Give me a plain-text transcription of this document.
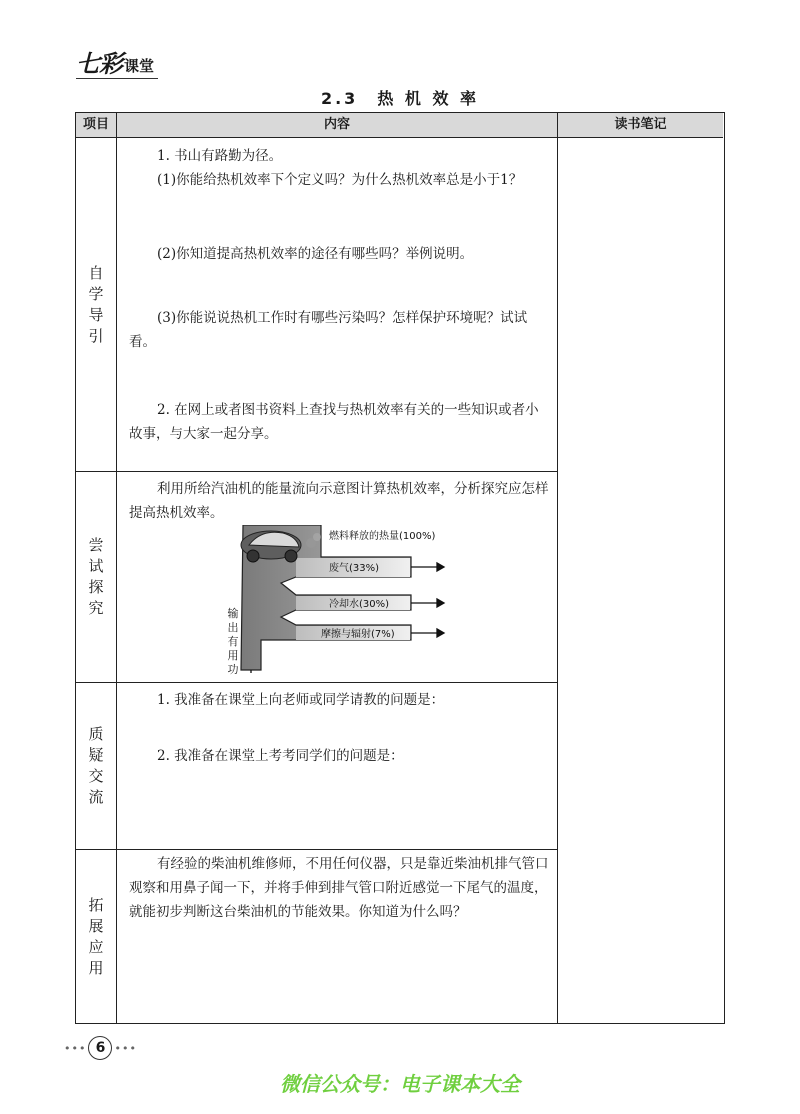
七彩 课堂
2.3　热 机 效 率
项目	内容	读书笔记
自
学
导
引
尝
试
探
究
质
疑
交
流
拓
展
应
用

1. 书山有路勤为径。

(1)你能给热机效率下个定义吗？为什么热机效率总是小于1？

(2)你知道提高热机效率的途径有哪些吗？举例说明。

(3)你能说说热机工作时有哪些污染吗？怎样保护环境呢？试试看。

2. 在网上或者图书资料上查找与热机效率有关的一些知识或者小故事，与大家一起分享。

利用所给汽油机的能量流向示意图计算热机效率，分析探究应怎样提高热机效率。

燃料释放的热量(100%)
废气(33%)
冷却水(30%)
摩擦与辐射(7%)
输
出
有
用
功

1. 我准备在课堂上向老师或同学请教的问题是：

2. 我准备在课堂上考考同学们的问题是：

有经验的柴油机维修师，不用任何仪器，只是靠近柴油机排气管口观察和用鼻子闻一下，并将手伸到排气管口附近感觉一下尾气的温度，就能初步判断这台柴油机的节能效果。你知道为什么吗？

••• 6 •••
微信公众号：电子课本大全
